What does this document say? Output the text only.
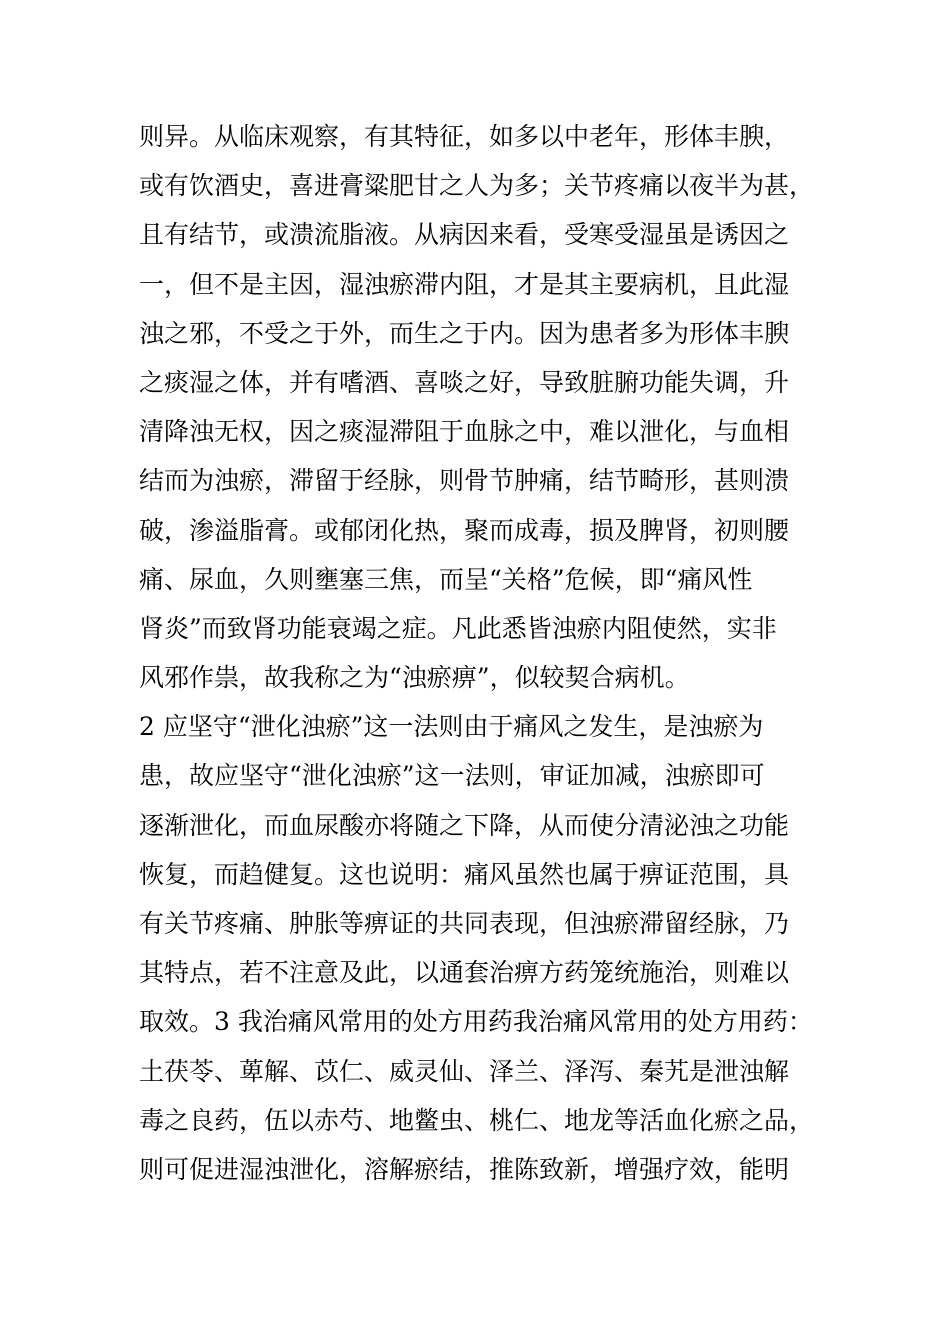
则异。从临床观察，有其特征，如多以中老年，形体丰腴，
或有饮酒史，喜进膏粱肥甘之人为多；关节疼痛以夜半为甚，
且有结节，或溃流脂液。从病因来看，受寒受湿虽是诱因之
一，但不是主因，湿浊瘀滞内阻，才是其主要病机，且此湿
浊之邪，不受之于外，而生之于内。因为患者多为形体丰腴
之痰湿之体，并有嗜酒、喜啖之好，导致脏腑功能失调，升
清降浊无权，因之痰湿滞阻于血脉之中，难以泄化，与血相
结而为浊瘀，滞留于经脉，则骨节肿痛，结节畸形，甚则溃
破，渗溢脂膏。或郁闭化热，聚而成毒，损及脾肾，初则腰
痛、尿血，久则壅塞三焦，而呈“关格”危候，即“痛风性
肾炎”而致肾功能衰竭之症。凡此悉皆浊瘀内阻使然，实非
风邪作祟，故我称之为“浊瘀痹”，似较契合病机。
2 应坚守“泄化浊瘀”这一法则由于痛风之发生，是浊瘀为
患，故应坚守“泄化浊瘀”这一法则，审证加减，浊瘀即可
逐渐泄化，而血尿酸亦将随之下降，从而使分清泌浊之功能
恢复，而趋健复。这也说明：痛风虽然也属于痹证范围，具
有关节疼痛、肿胀等痹证的共同表现，但浊瘀滞留经脉，乃
其特点，若不注意及此，以通套治痹方药笼统施治，则难以
取效。3 我治痛风常用的处方用药我治痛风常用的处方用药：
土茯苓、萆解、苡仁、威灵仙、泽兰、泽泻、秦艽是泄浊解
毒之良药，伍以赤芍、地鳖虫、桃仁、地龙等活血化瘀之品，
则可促进湿浊泄化，溶解瘀结，推陈致新，增强疗效，能明
